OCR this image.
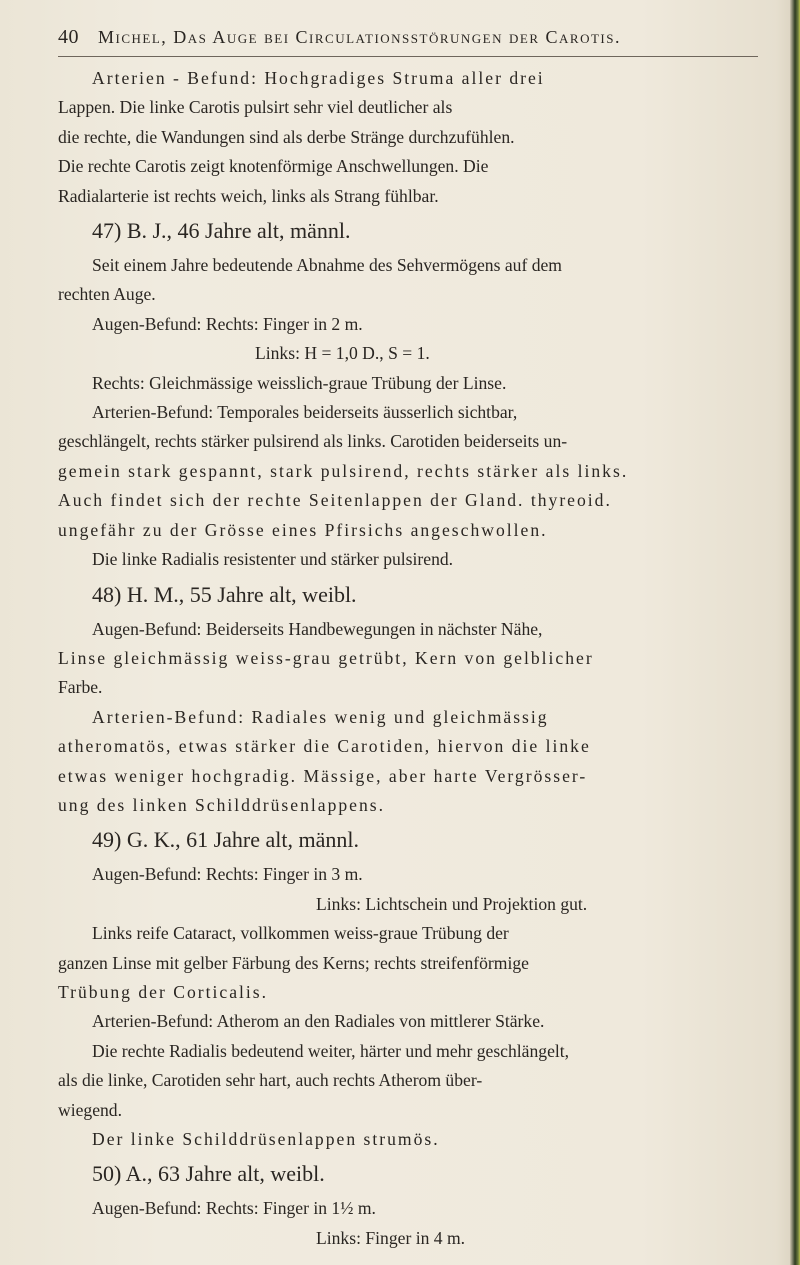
40 Michel, Das Auge bei Circulationsstörungen der Carotis.

Arterien - Befund: Hochgradiges Struma aller drei

Lappen. Die linke Carotis pulsirt sehr viel deutlicher als

die rechte, die Wandungen sind als derbe Stränge durchzufühlen.

Die rechte Carotis zeigt knotenförmige Anschwellungen. Die

Radialarterie ist rechts weich, links als Strang fühlbar.

47) B. J., 46 Jahre alt, männl.

Seit einem Jahre bedeutende Abnahme des Sehvermögens auf dem

rechten Auge.

Augen-Befund: Rechts: Finger in 2 m.

Links: H = 1,0 D., S = 1.

Rechts: Gleichmässige weisslich-graue Trübung der Linse.

Arterien-Befund: Temporales beiderseits äusserlich sichtbar,

geschlängelt, rechts stärker pulsirend als links. Carotiden beiderseits un-

gemein stark gespannt, stark pulsirend, rechts stärker als links.

Auch findet sich der rechte Seitenlappen der Gland. thyreoid.

ungefähr zu der Grösse eines Pfirsichs angeschwollen.

Die linke Radialis resistenter und stärker pulsirend.

48) H. M., 55 Jahre alt, weibl.

Augen-Befund: Beiderseits Handbewegungen in nächster Nähe,

Linse gleichmässig weiss-grau getrübt, Kern von gelblicher

Farbe.

Arterien-Befund: Radiales wenig und gleichmässig

atheromatös, etwas stärker die Carotiden, hiervon die linke

etwas weniger hochgradig. Mässige, aber harte Vergrösser-

ung des linken Schilddrüsenlappens.

49) G. K., 61 Jahre alt, männl.

Augen-Befund: Rechts: Finger in 3 m.

Links: Lichtschein und Projektion gut.

Links reife Cataract, vollkommen weiss-graue Trübung der

ganzen Linse mit gelber Färbung des Kerns; rechts streifenförmige

Trübung der Corticalis.

Arterien-Befund: Atherom an den Radiales von mittlerer Stärke.

Die rechte Radialis bedeutend weiter, härter und mehr geschlängelt,

als die linke, Carotiden sehr hart, auch rechts Atherom über-

wiegend.

Der linke Schilddrüsenlappen strumös.

50) A., 63 Jahre alt, weibl.

Augen-Befund: Rechts: Finger in 1½ m.

Links: Finger in 4 m.
